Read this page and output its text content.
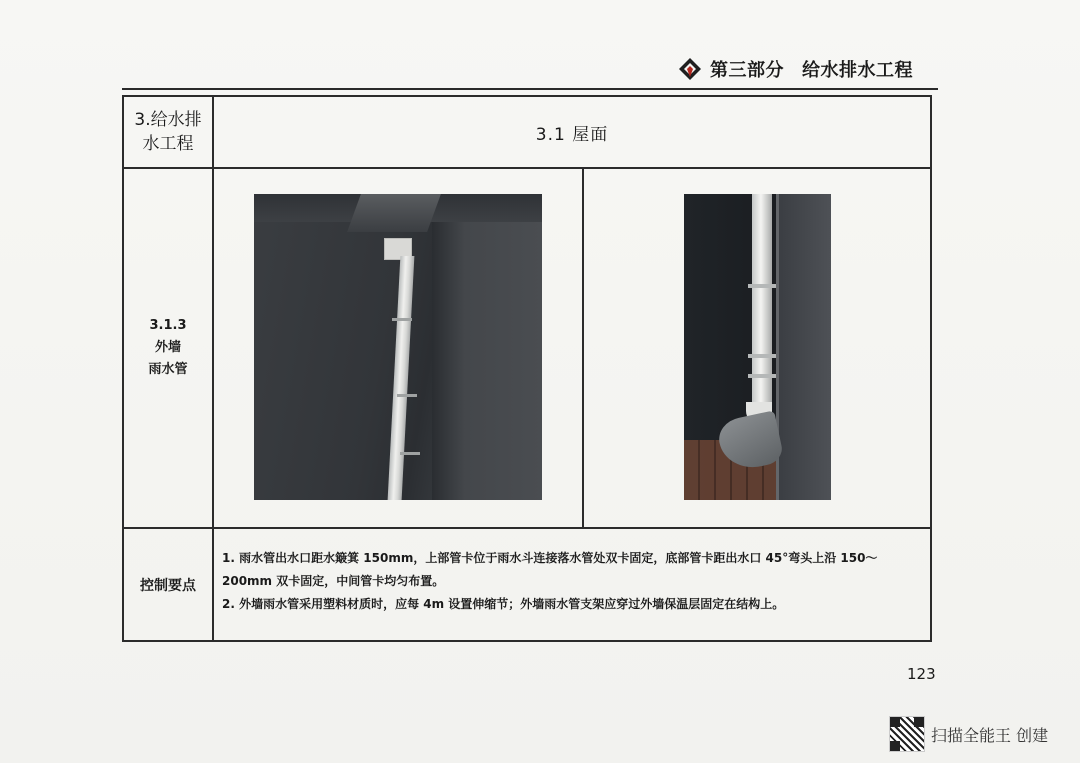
第三部分 给水排水工程
3.给水排
水工程	3.1 屋面
3.1.3
外墙
雨水管
控制要点

1. 雨水管出水口距水簸箕 150mm，上部管卡位于雨水斗连接落水管处双卡固定，底部管卡距出水口 45°弯头上沿 150～200mm 双卡固定，中间管卡均匀布置。

2. 外墙雨水管采用塑料材质时，应每 4m 设置伸缩节；外墙雨水管支架应穿过外墙保温层固定在结构上。

123
扫描全能王 创建
